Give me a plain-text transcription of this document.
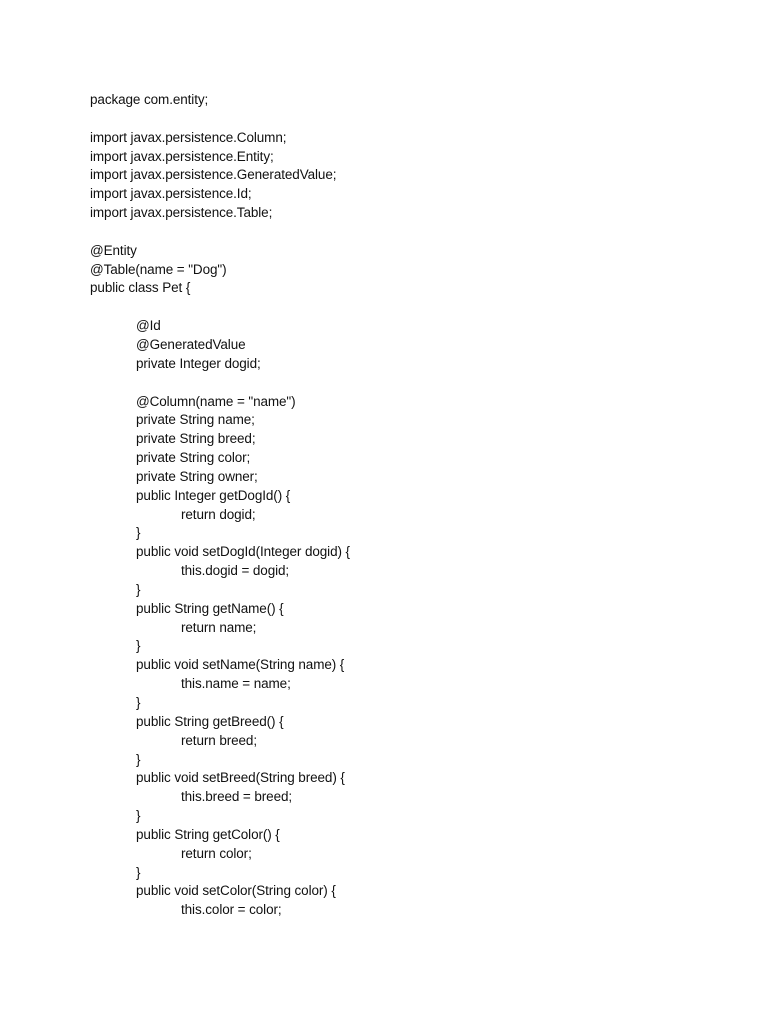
package com.entity;
import javax.persistence.Column;
import javax.persistence.Entity;
import javax.persistence.GeneratedValue;
import javax.persistence.Id;
import javax.persistence.Table;
@Entity
@Table(name = "Dog")
public class Pet {
@Id
@GeneratedValue
private Integer dogid;
@Column(name = "name")
private String name;
private String breed;
private String color;
private String owner;
public Integer getDogId() {
return dogid;
}
public void setDogId(Integer dogid) {
this.dogid = dogid;
}
public String getName() {
return name;
}
public void setName(String name) {
this.name = name;
}
public String getBreed() {
return breed;
}
public void setBreed(String breed) {
this.breed = breed;
}
public String getColor() {
return color;
}
public void setColor(String color) {
this.color = color;
